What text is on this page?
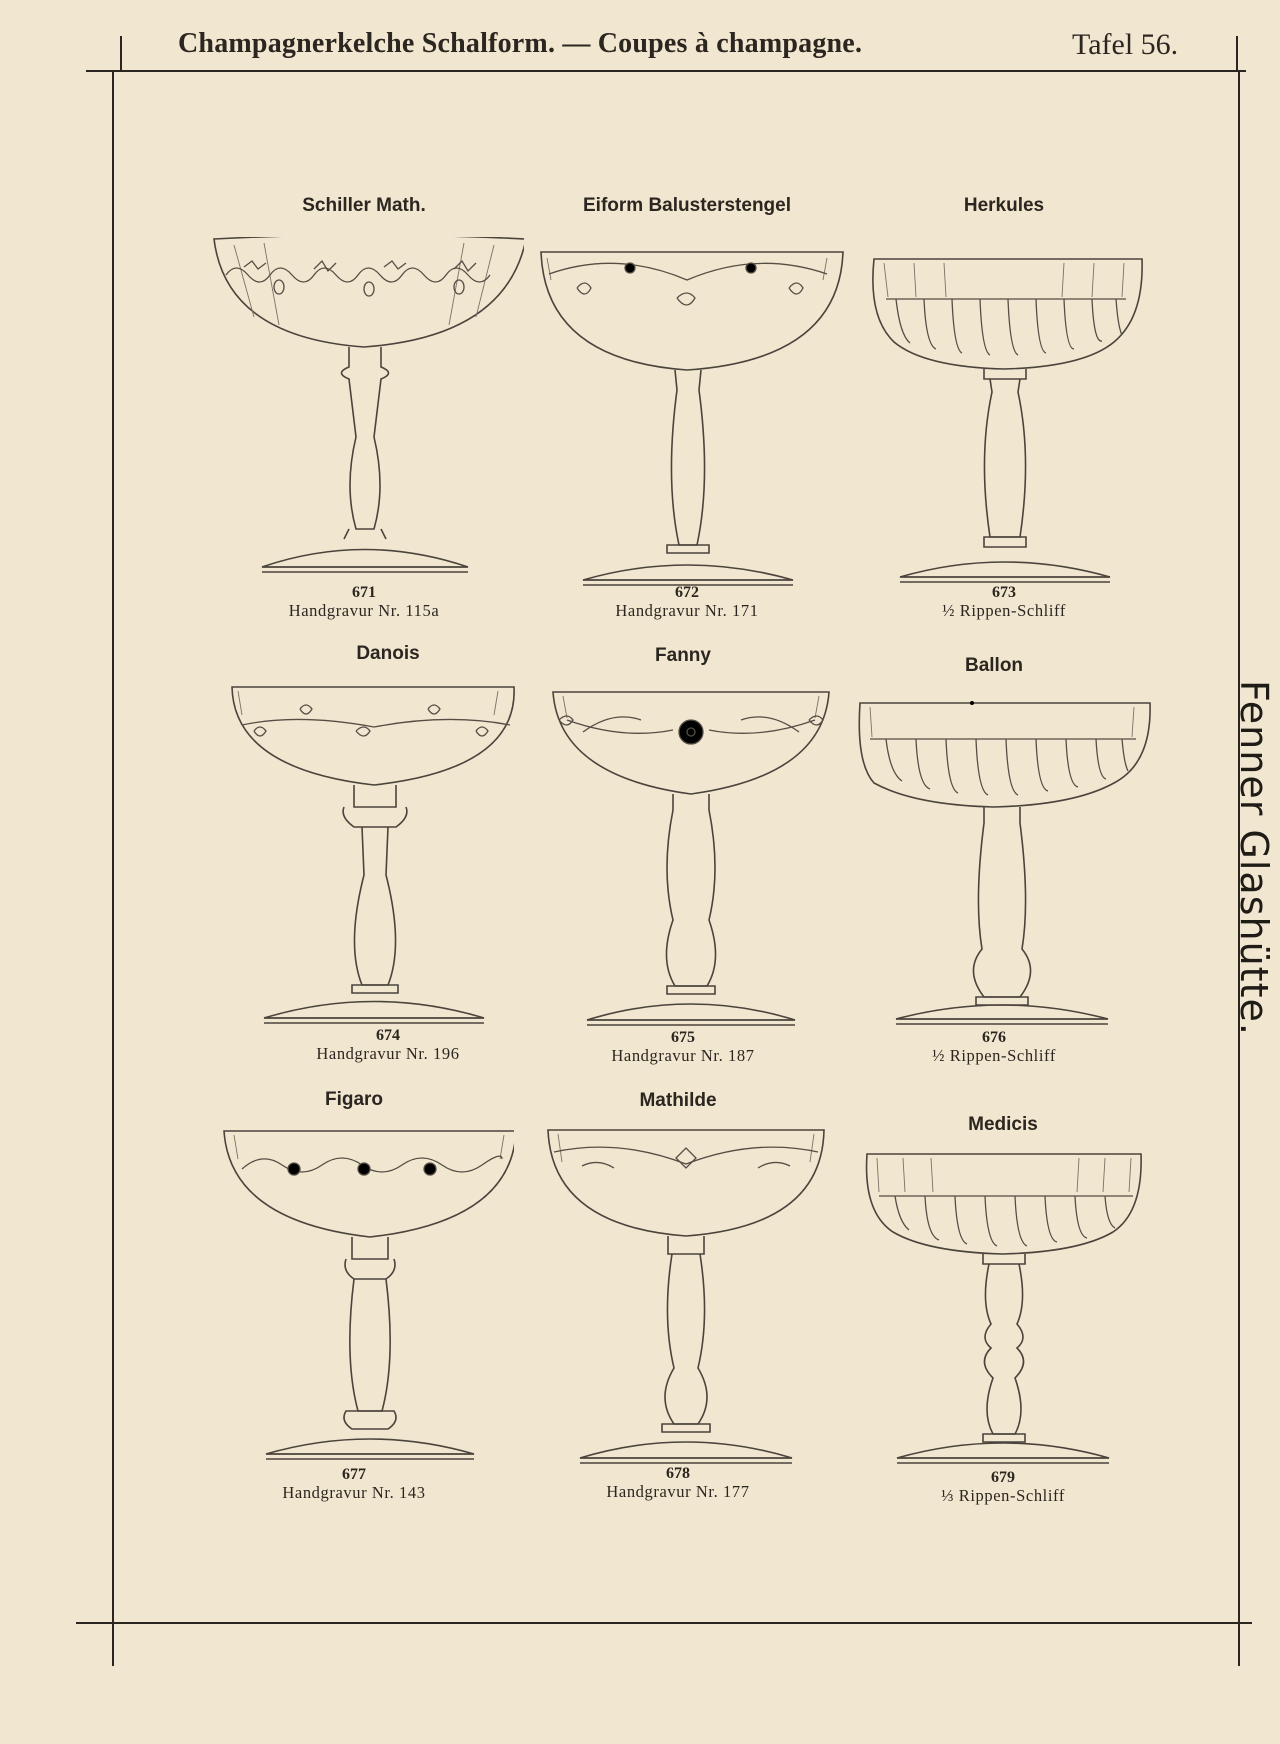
Champagnerkelche Schalform. — Coupes à champagne.	Tafel 56.
Fenner Glashütte.
Schiller Math.
671
Handgravur Nr. 115a
Eiform Balusterstengel
672
Handgravur Nr. 171
Herkules
673
½ Rippen-Schliff
Danois
674
Handgravur Nr. 196
Fanny
675
Handgravur Nr. 187
Ballon
676
½ Rippen-Schliff
Figaro
677
Handgravur Nr. 143
Mathilde
678
Handgravur Nr. 177
Medicis
679
⅓ Rippen-Schliff
